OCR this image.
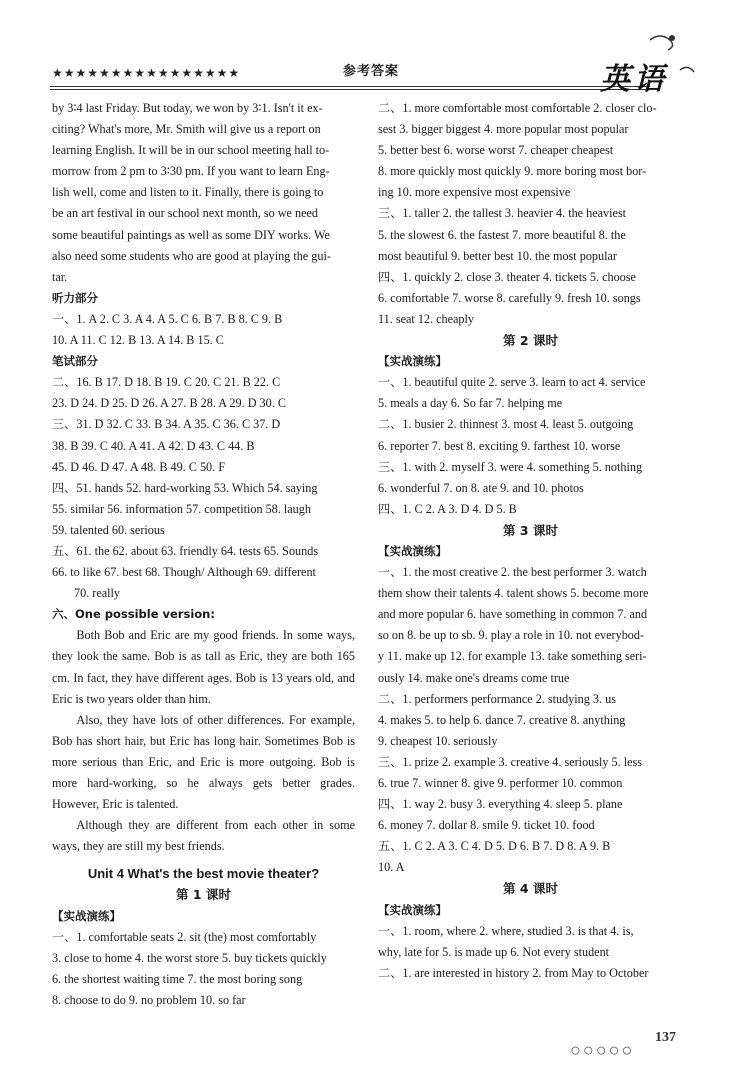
★★★★★★★★★★★★★★★★	参考答案	英语
by 3∶4 last Friday. But today, we won by 3∶1. Isn't it ex-
citing? What's more, Mr. Smith will give us a report on
learning English. It will be in our school meeting hall to-
morrow from 2 pm to 3∶30 pm. If you want to learn Eng-
lish well, come and listen to it. Finally, there is going to
be an art festival in our school next month, so we need
some beautiful paintings as well as some DIY works. We
also need some students who are good at playing the gui-
tar.
听力部分
一、1. A 2. C 3. A 4. A 5. C 6. B 7. B 8. C 9. B
10. A 11. C 12. B 13. A 14. B 15. C
笔试部分
二、16. B 17. D 18. B 19. C 20. C 21. B 22. C
23. D 24. D 25. D 26. A 27. B 28. A 29. D 30. C
三、31. D 32. C 33. B 34. A 35. C 36. C 37. D
38. B 39. C 40. A 41. A 42. D 43. C 44. B
45. D 46. D 47. A 48. B 49. C 50. F
四、51. hands 52. hard-working 53. Which 54. saying
55. similar 56. information 57. competition 58. laugh
59. talented 60. serious
五、61. the 62. about 63. friendly 64. tests 65. Sounds
66. to like 67. best 68. Though/ Although 69. different
70. really
六、One possible version:
Both Bob and Eric are my good friends. In some ways, they look the same. Bob is as tall as Eric, they are both 165 cm. In fact, they have different ages. Bob is 13 years old, and Eric is two years older than him.
Also, they have lots of other differences. For example, Bob has short hair, but Eric has long hair. Sometimes Bob is more serious than Eric, and Eric is more outgoing. Bob is more hard-working, so he always gets better grades. However, Eric is talented.
Although they are different from each other in some ways, they are still my best friends.
Unit 4 What's the best movie theater?
第 1 课时
【实战演练】
一、1. comfortable seats 2. sit (the) most comfortably
3. close to home 4. the worst store 5. buy tickets quickly
6. the shortest waiting time 7. the most boring song
8. choose to do 9. no problem 10. so far
二、1. more comfortable most comfortable 2. closer clo-
sest 3. bigger biggest 4. more popular most popular
5. better best 6. worse worst 7. cheaper cheapest
8. more quickly most quickly 9. more boring most bor-
ing 10. more expensive most expensive
三、1. taller 2. the tallest 3. heavier 4. the heaviest
5. the slowest 6. the fastest 7. more beautiful 8. the
most beautiful 9. better best 10. the most popular
四、1. quickly 2. close 3. theater 4. tickets 5. choose
6. comfortable 7. worse 8. carefully 9. fresh 10. songs
11. seat 12. cheaply
第 2 课时
【实战演练】
一、1. beautiful quite 2. serve 3. learn to act 4. service
5. meals a day 6. So far 7. helping me
二、1. busier 2. thinnest 3. most 4. least 5. outgoing
6. reporter 7. best 8. exciting 9. farthest 10. worse
三、1. with 2. myself 3. were 4. something 5. nothing
6. wonderful 7. on 8. ate 9. and 10. photos
四、1. C 2. A 3. D 4. D 5. B
第 3 课时
【实战演练】
一、1. the most creative 2. the best performer 3. watch
them show their talents 4. talent shows 5. become more
and more popular 6. have something in common 7. and
so on 8. be up to sb. 9. play a role in 10. not everybod-
y 11. make up 12. for example 13. take something seri-
ously 14. make one's dreams come true
二、1. performers performance 2. studying 3. us
4. makes 5. to help 6. dance 7. creative 8. anything
9. cheapest 10. seriously
三、1. prize 2. example 3. creative 4. seriously 5. less
6. true 7. winner 8. give 9. performer 10. common
四、1. way 2. busy 3. everything 4. sleep 5. plane
6. money 7. dollar 8. smile 9. ticket 10. food
五、1. C 2. A 3. C 4. D 5. D 6. B 7. D 8. A 9. B
10. A
第 4 课时
【实战演练】
一、1. room, where 2. where, studied 3. is that 4. is,
why, late for 5. is made up 6. Not every student
二、1. are interested in history 2. from May to October
○○○○○
137
